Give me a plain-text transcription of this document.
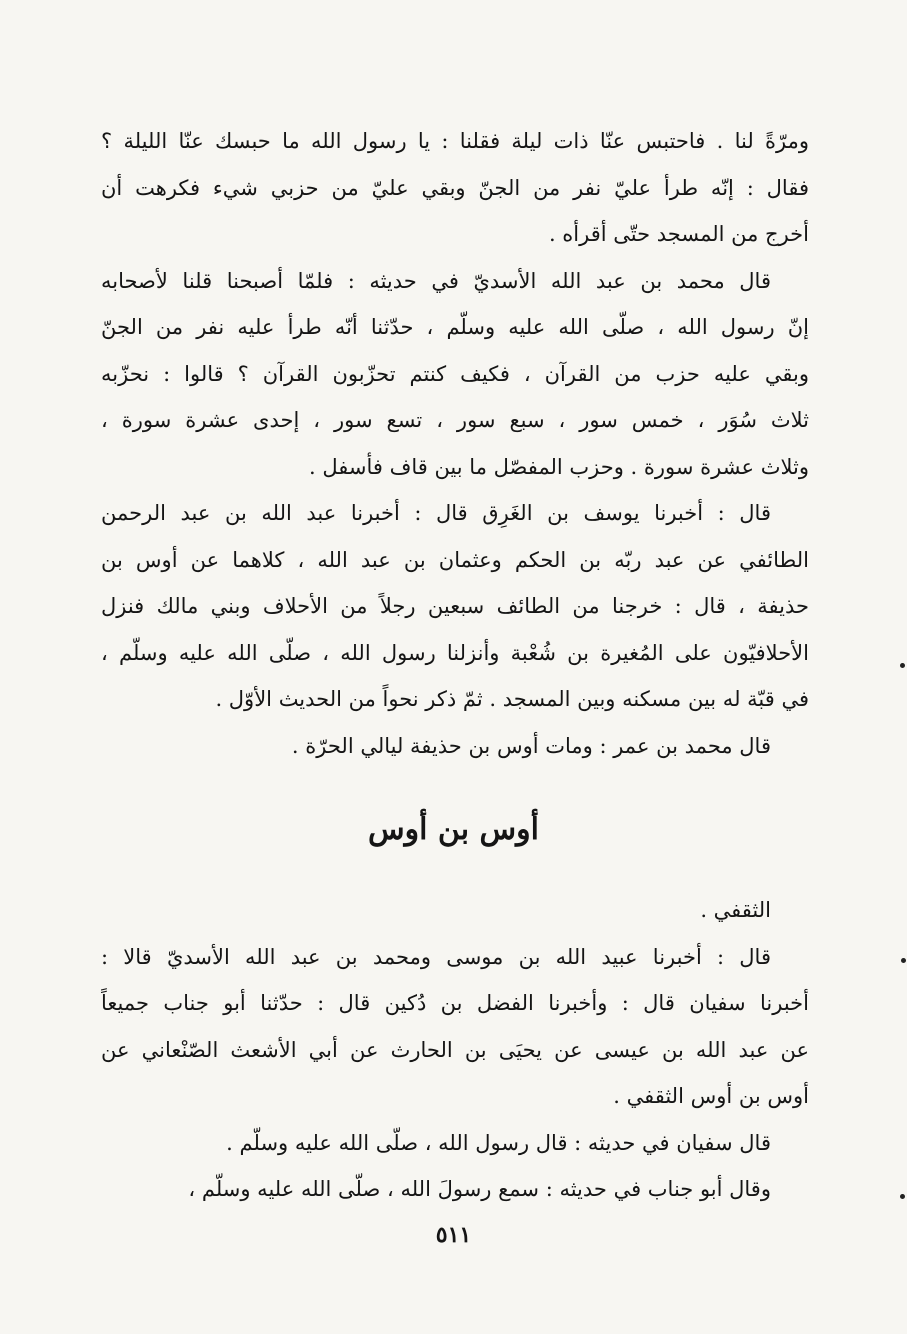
ومرّةً لنا . فاحتبس عنّا ذات ليلة فقلنا : يا رسول الله ما حبسك عنّا الليلة ؟
فقال : إنّه طرأ عليّ نفر من الجنّ وبقي عليّ من حزبي شيء فكرهت أن
أخرج من المسجد حتّى أقرأه .
قال محمد بن عبد الله الأسديّ في حديثه : فلمّا أصبحنا قلنا لأصحابه
إنّ رسول الله ، صلّى الله عليه وسلّم ، حدّثنا أنّه طرأ عليه نفر من الجنّ
وبقي عليه حزب من القرآن ، فكيف كنتم تحزّبون القرآن ؟ قالوا : نحزّبه
ثلاث سُوَر ، خمس سور ، سبع سور ، تسع سور ، إحدى عشرة سورة ،
وثلاث عشرة سورة . وحزب المفصّل ما بين قاف فأسفل .
قال : أخبرنا يوسف بن الغَرِق قال : أخبرنا عبد الله بن عبد الرحمن
الطائفي عن عبد ربّه بن الحكم وعثمان بن عبد الله ، كلاهما عن أوس بن
حذيفة ، قال : خرجنا من الطائف سبعين رجلاً من الأحلاف وبني مالك فنزل
الأحلافيّون على المُغيرة بن شُعْبة وأنزلنا رسول الله ، صلّى الله عليه وسلّم ،
في قبّة له بين مسكنه وبين المسجد . ثمّ ذكر نحواً من الحديث الأوّل .
قال محمد بن عمر : ومات أوس بن حذيفة ليالي الحرّة .
أوس بن أوس
الثقفي .
قال : أخبرنا عبيد الله بن موسى ومحمد بن عبد الله الأسديّ قالا :
أخبرنا سفيان قال : وأخبرنا الفضل بن دُكين قال : حدّثنا أبو جناب جميعاً
عن عبد الله بن عيسى عن يحيَى بن الحارث عن أبي الأشعث الصّنْعاني عن
أوس بن أوس الثقفي .
قال سفيان في حديثه : قال رسول الله ، صلّى الله عليه وسلّم .
وقال أبو جناب في حديثه : سمع رسولَ الله ، صلّى الله عليه وسلّم ،
٥١١
